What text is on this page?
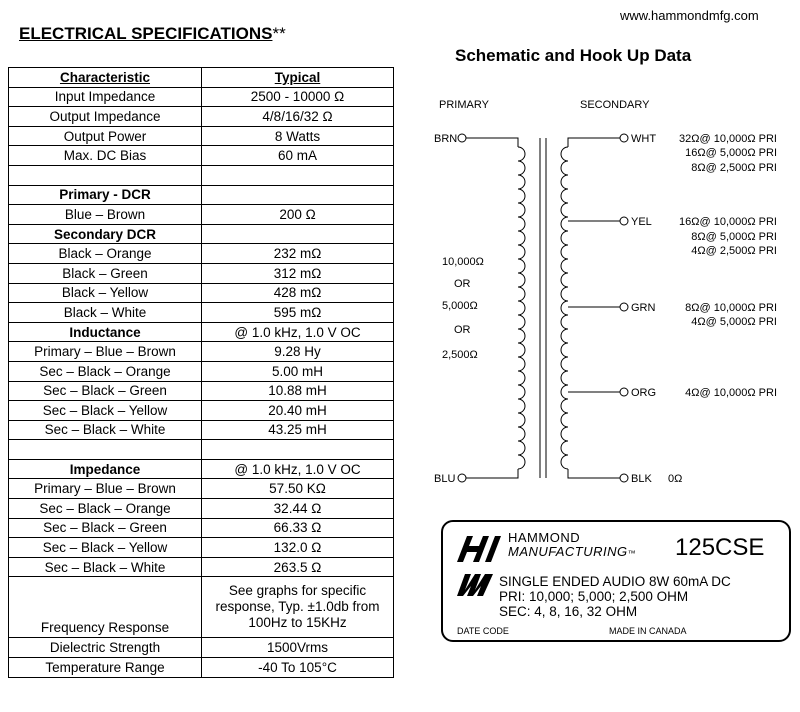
www.hammondmfg.com
ELECTRICAL SPECIFICATIONS**
Characteristic	Typical
Input Impedance	2500 - 10000 Ω
Output Impedance	4/8/16/32 Ω
Output Power	8 Watts
Max. DC Bias	60 mA

Primary - DCR	
Blue – Brown	200 Ω
Secondary DCR	
Black – Orange	232 mΩ
Black – Green	312 mΩ
Black – Yellow	428 mΩ
Black – White	595 mΩ
Inductance	@ 1.0 kHz, 1.0 V OC
Primary – Blue – Brown	9.28 Hy
Sec – Black – Orange	5.00 mH
Sec – Black – Green	10.88 mH
Sec – Black – Yellow	20.40 mH
Sec – Black – White	43.25 mH

Impedance	@ 1.0 kHz, 1.0 V OC
Primary – Blue – Brown	57.50 KΩ
Sec – Black – Orange	32.44 Ω
Sec – Black – Green	66.33 Ω
Sec – Black – Yellow	132.0 Ω
Sec – Black – White	263.5 Ω
Frequency Response	See graphs for specific response, Typ. ±1.0db from 100Hz to 15KHz
Dielectric Strength	1500Vrms
Temperature Range	-40 To 105°C
Schematic and Hook Up Data
PRIMARY	SECONDARY
BRN
BLU
10,000Ω
OR
5,000Ω
OR
2,500Ω
WHT 32Ω@ 10,000Ω PRI
16Ω@ 5,000Ω PRI
8Ω@ 2,500Ω PRI
YEL 16Ω@ 10,000Ω PRI
8Ω@ 5,000Ω PRI
4Ω@ 2,500Ω PRI
GRN	8Ω@ 10,000Ω PRI
4Ω@ 5,000Ω PRI
ORG	4Ω@ 10,000Ω PRI
BLK 0Ω
HAMMOND
MANUFACTURING™ 125CSE
SINGLE ENDED AUDIO 8W 60mA DC
PRI: 10,000; 5,000; 2,500 OHM
SEC: 4, 8, 16, 32 OHM
DATE CODE	MADE IN CANADA
